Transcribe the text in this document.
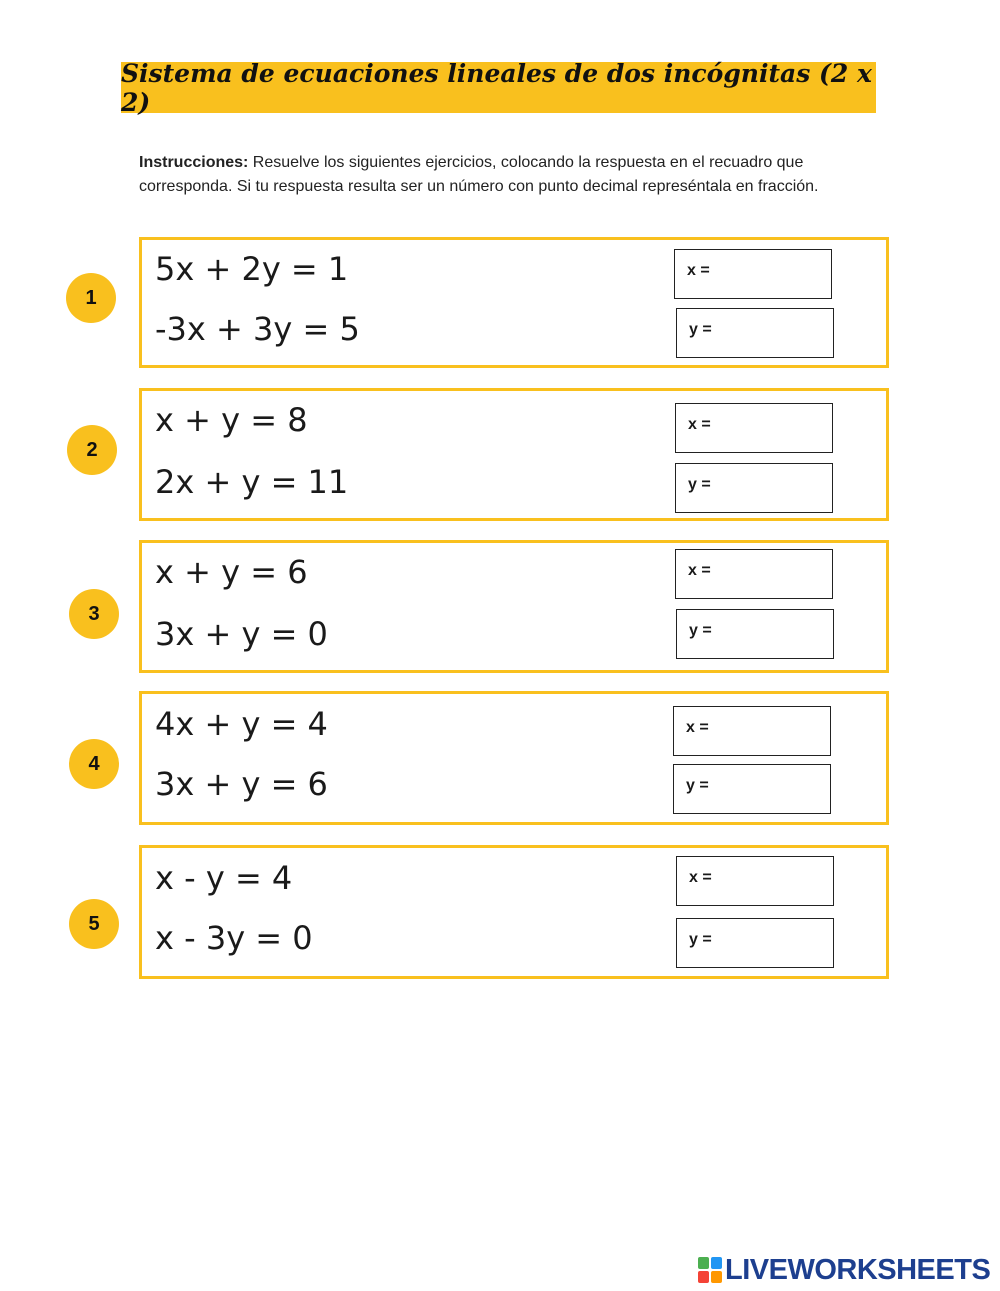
Sistema de ecuaciones lineales de dos incógnitas (2 x 2)
Instrucciones: Resuelve los siguientes ejercicios, colocando la respuesta en el recuadro que corresponda. Si tu respuesta resulta ser un número con punto decimal represéntala en fracción.
1
5x + 2y = 1
-3x + 3y = 5
x =
y =
2
x + y = 8
2x + y = 11
x =
y =
3
x + y = 6
3x + y = 0
x =
y =
4
4x + y = 4
3x + y = 6
x =
y =
5
x - y = 4
x - 3y = 0
x =
y =
LIVEWORKSHEETS
